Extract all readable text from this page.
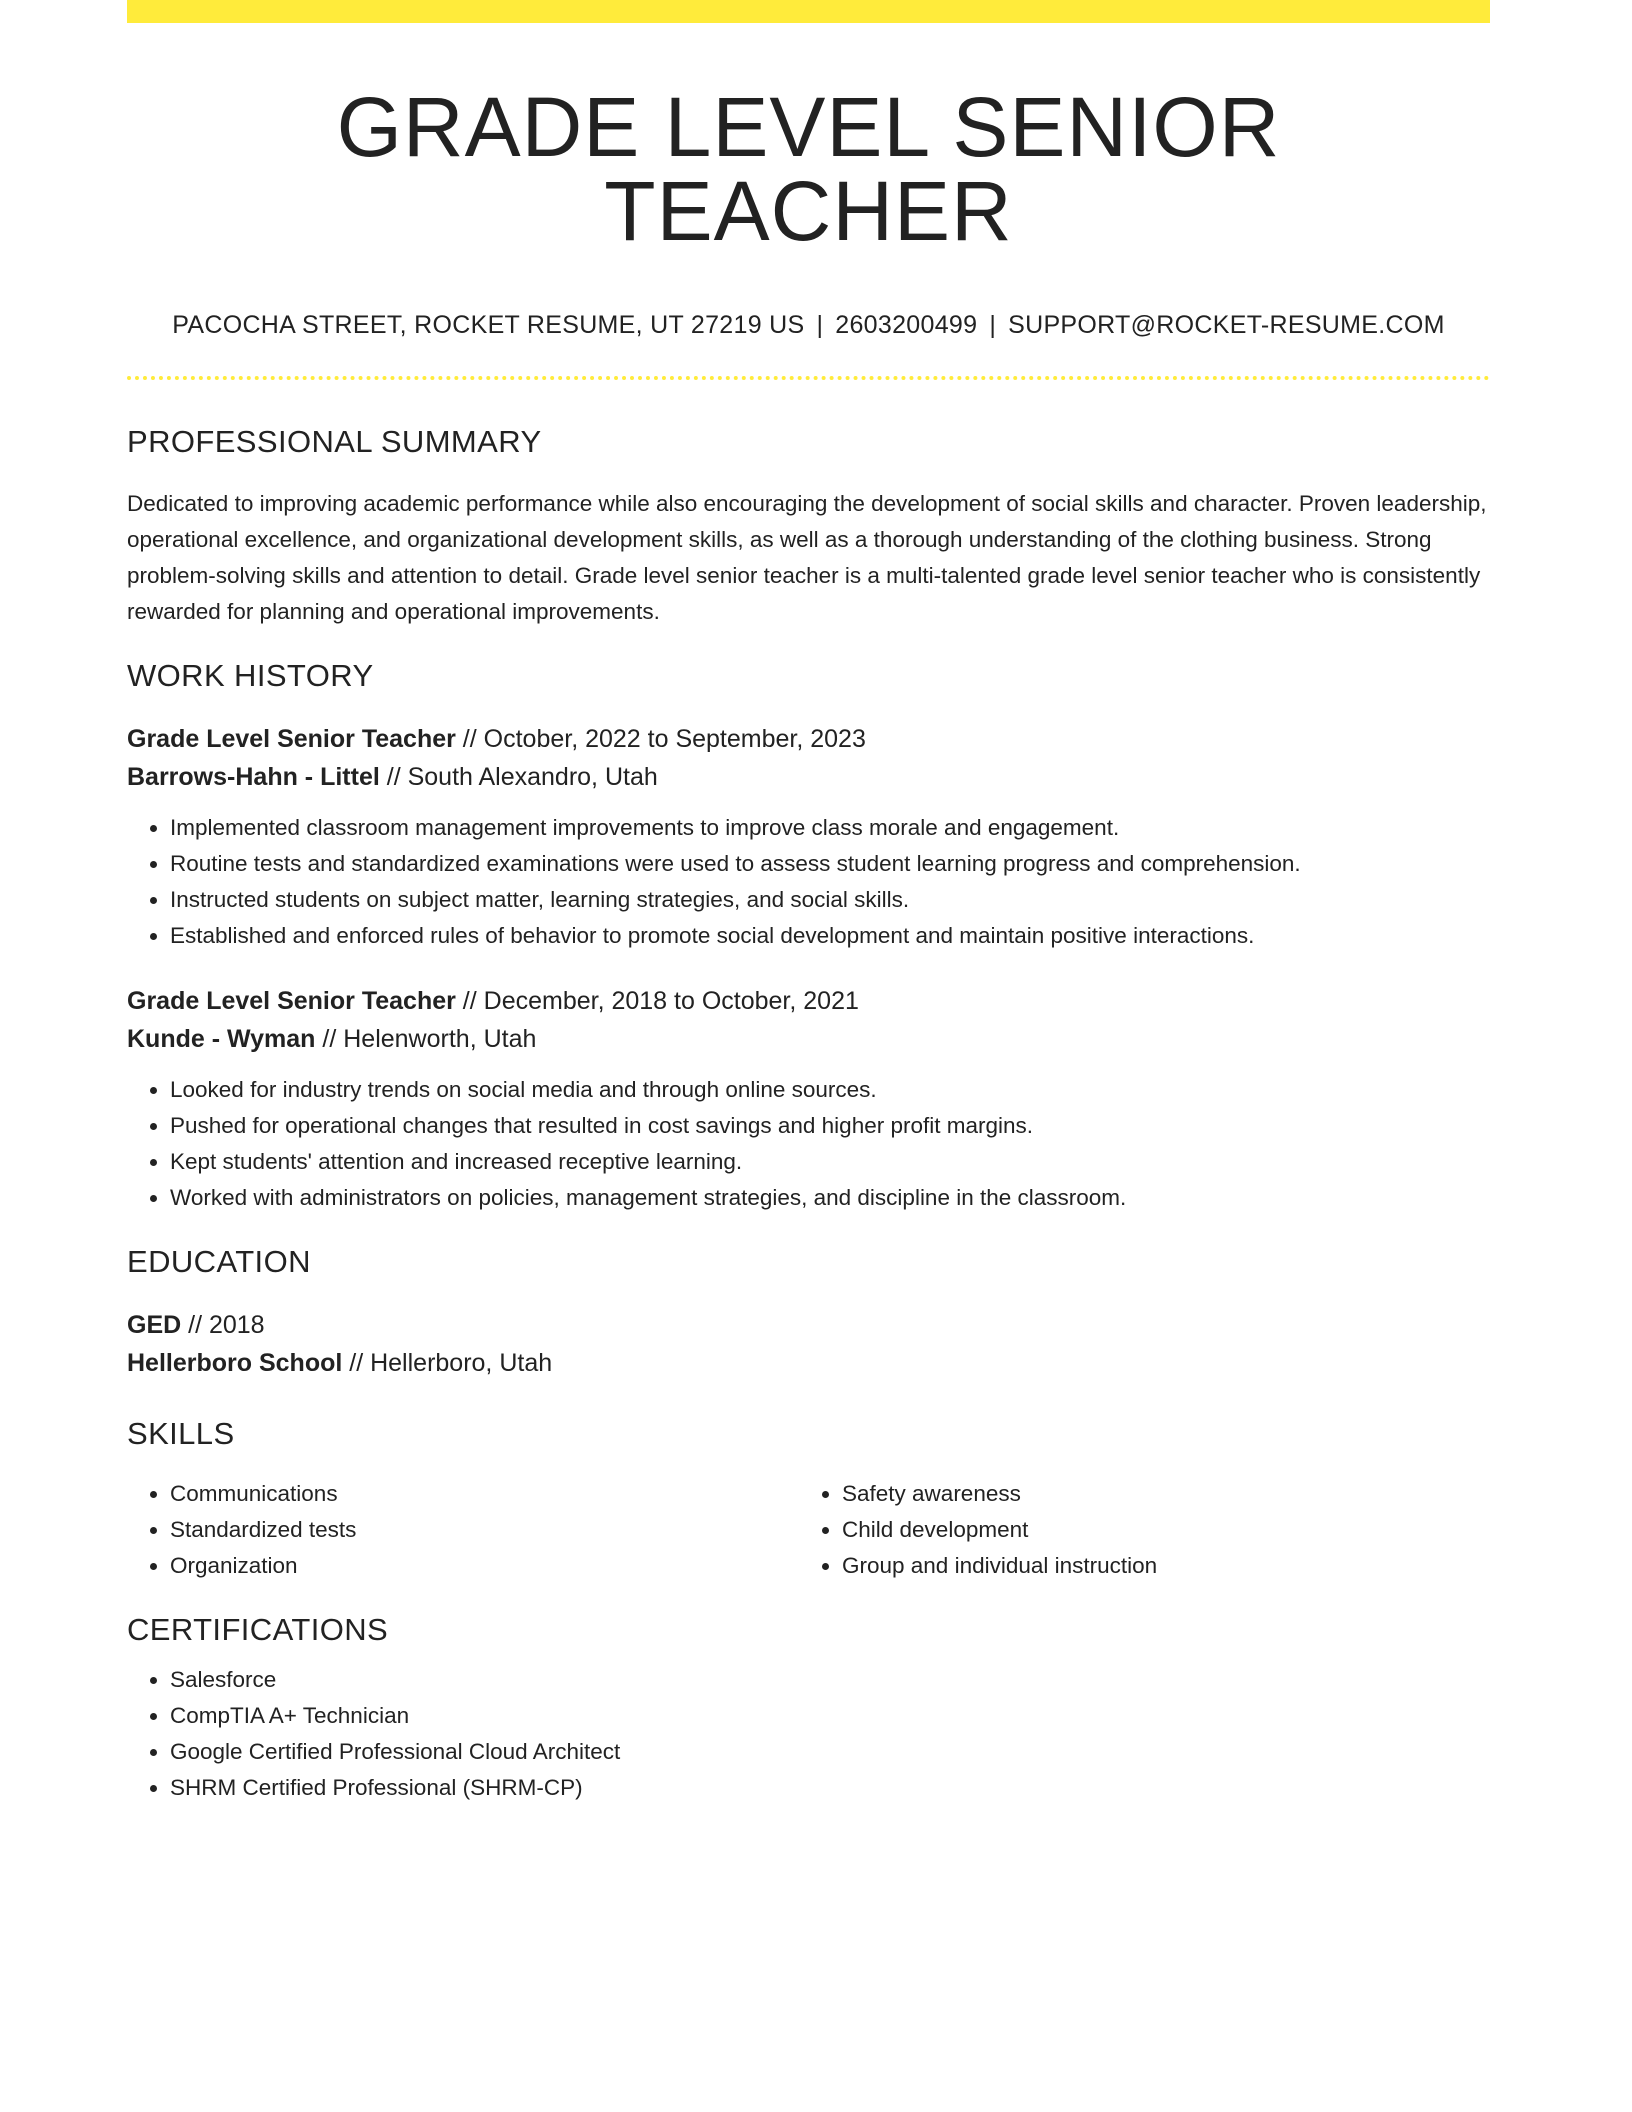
GRADE LEVEL SENIOR TEACHER
PACOCHA STREET, ROCKET RESUME, UT 27219 US | 2603200499 | SUPPORT@ROCKET-RESUME.COM
PROFESSIONAL SUMMARY
Dedicated to improving academic performance while also encouraging the development of social skills and character. Proven leadership, operational excellence, and organizational development skills, as well as a thorough understanding of the clothing business. Strong problem-solving skills and attention to detail. Grade level senior teacher is a multi-talented grade level senior teacher who is consistently rewarded for planning and operational improvements.
WORK HISTORY
Grade Level Senior Teacher // October, 2022 to September, 2023
Barrows-Hahn - Littel // South Alexandro, Utah
• Implemented classroom management improvements to improve class morale and engagement.
• Routine tests and standardized examinations were used to assess student learning progress and comprehension.
• Instructed students on subject matter, learning strategies, and social skills.
• Established and enforced rules of behavior to promote social development and maintain positive interactions.
Grade Level Senior Teacher // December, 2018 to October, 2021
Kunde - Wyman // Helenworth, Utah
• Looked for industry trends on social media and through online sources.
• Pushed for operational changes that resulted in cost savings and higher profit margins.
• Kept students' attention and increased receptive learning.
• Worked with administrators on policies, management strategies, and discipline in the classroom.
EDUCATION
GED // 2018
Hellerboro School // Hellerboro, Utah
SKILLS
• Communications
• Standardized tests
• Organization
• Safety awareness
• Child development
• Group and individual instruction
CERTIFICATIONS
• Salesforce
• CompTIA A+ Technician
• Google Certified Professional Cloud Architect
• SHRM Certified Professional (SHRM-CP)
